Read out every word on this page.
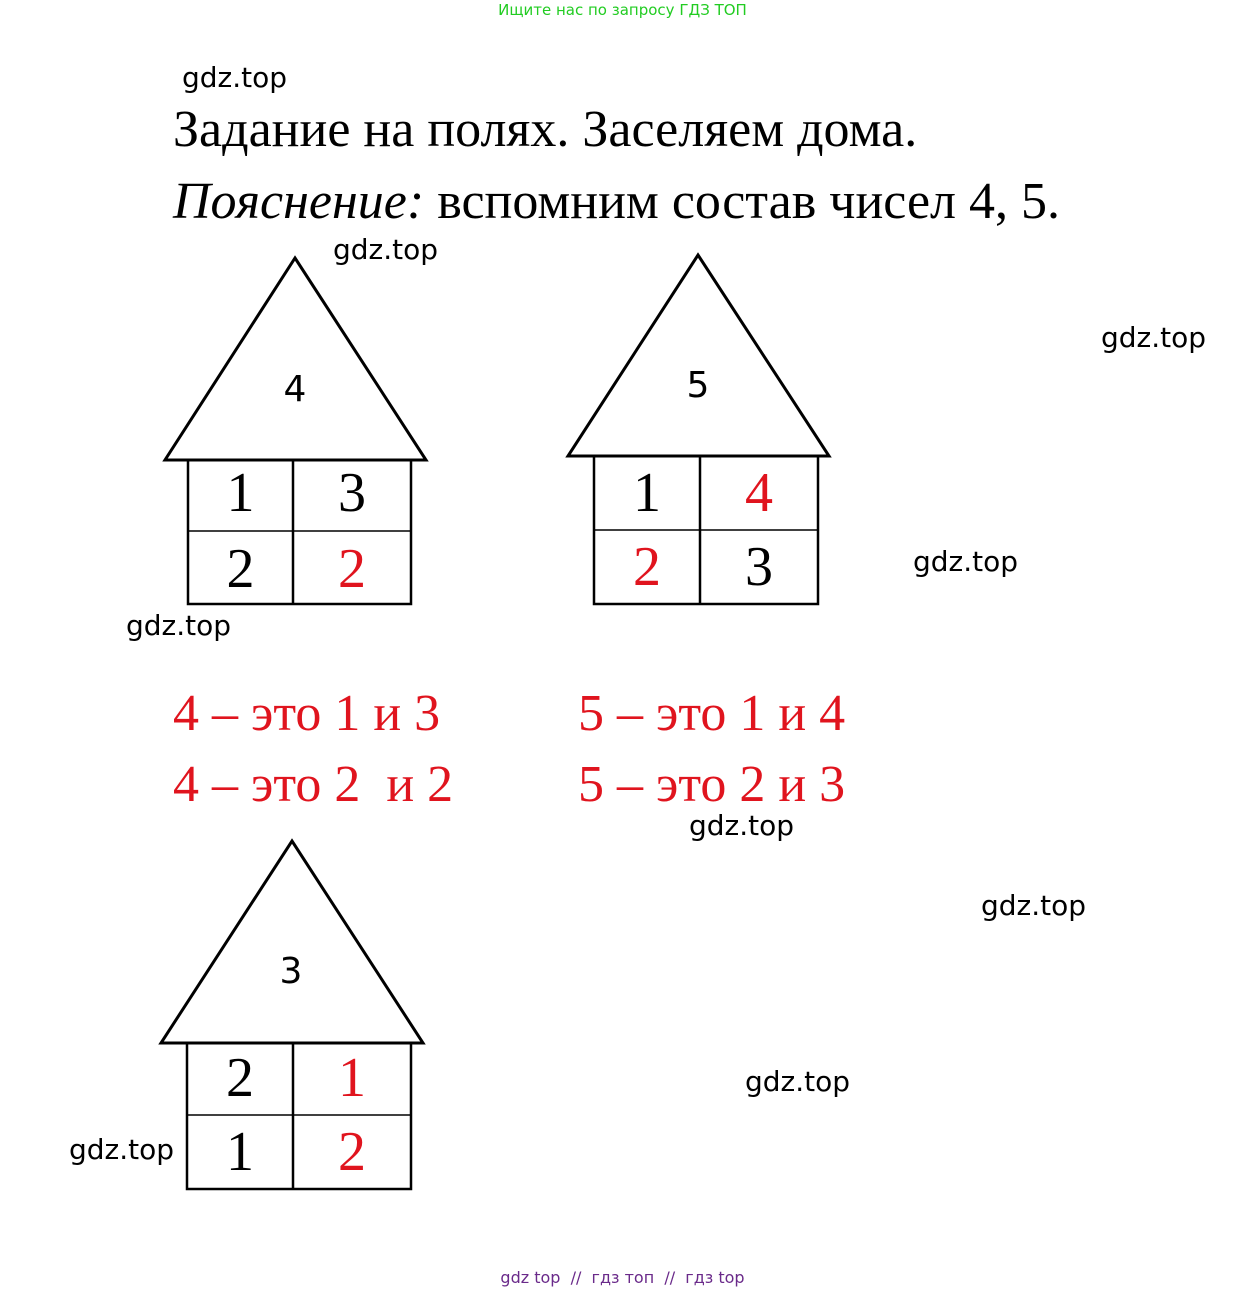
Ищите нас по запросу ГДЗ ТОП
gdz.top
gdz.top
gdz.top
gdz.top
gdz.top
gdz.top
gdz.top
gdz.top
gdz.top
Задание на полях. Заселяем дома.
Пояснение: вспомним состав чисел 4, 5.
4
1	3
2	2
5
1	4
2	3
4 – это 1 и 3
4 – это 2  и 2
5 – это 1 и 4
5 – это 2 и 3
3
2	1
1	2
gdz top  //  гдз топ  //  гдз top
